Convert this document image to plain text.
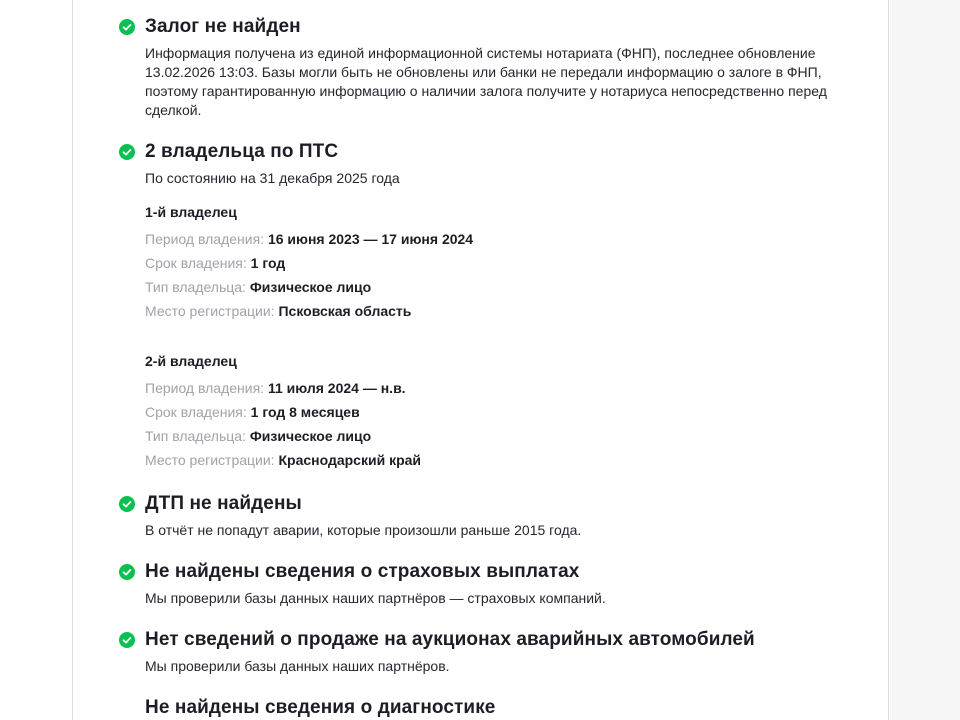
Залог не найден

Информация получена из единой информационной системы нотариата (ФНП), последнее обновление 13.02.2026 13:03. Базы могли быть не обновлены или банки не передали информацию о залоге в ФНП, поэтому гарантированную информацию о наличии залога получите у нотариуса непосредственно перед сделкой.

2 владельца по ПТС

По состоянию на 31 декабря 2025 года

1-й владелец
Период владения: 16 июня 2023 — 17 июня 2024
Срок владения: 1 год
Тип владельца: Физическое лицо
Место регистрации: Псковская область
2-й владелец
Период владения: 11 июля 2024 — н.в.
Срок владения: 1 год 8 месяцев
Тип владельца: Физическое лицо
Место регистрации: Краснодарский край
ДТП не найдены

В отчёт не попадут аварии, которые произошли раньше 2015 года.

Не найдены сведения о страховых выплатах

Мы проверили базы данных наших партнёров — страховых компаний.

Нет сведений о продаже на аукционах аварийных автомобилей

Мы проверили базы данных наших партнёров.

Не найдены сведения о диагностике
